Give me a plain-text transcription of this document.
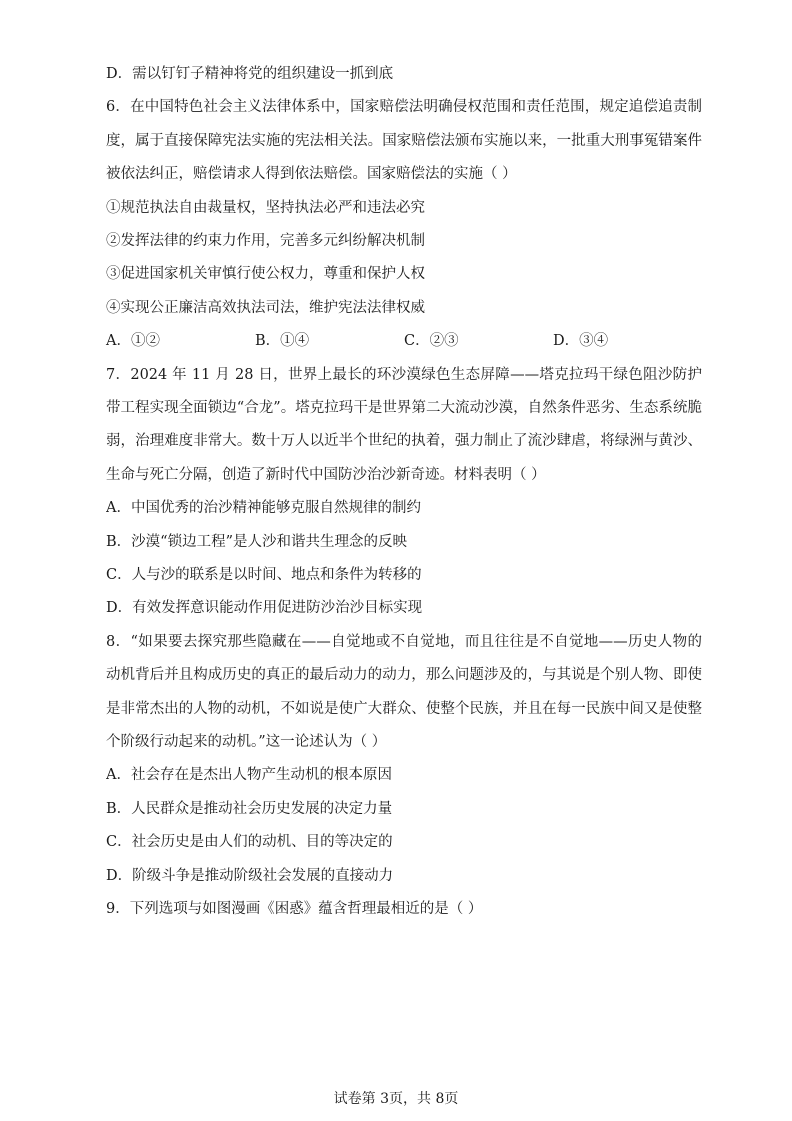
D．需以钉钉子精神将党的组织建设一抓到底
6．在中国特色社会主义法律体系中，国家赔偿法明确侵权范围和责任范围，规定追偿追责制度，属于直接保障宪法实施的宪法相关法。国家赔偿法颁布实施以来，一批重大刑事冤错案件被依法纠正，赔偿请求人得到依法赔偿。国家赔偿法的实施（ ）
①规范执法自由裁量权，坚持执法必严和违法必究
②发挥法律的约束力作用，完善多元纠纷解决机制
③促进国家机关审慎行使公权力，尊重和保护人权
④实现公正廉洁高效执法司法，维护宪法法律权威
A．①②	B．①④	C．②③	D．③④
7．2024 年 11 月 28 日，世界上最长的环沙漠绿色生态屏障——塔克拉玛干绿色阻沙防护带工程实现全面锁边“合龙”。塔克拉玛干是世界第二大流动沙漠，自然条件恶劣、生态系统脆弱，治理难度非常大。数十万人以近半个世纪的执着，强力制止了流沙肆虐，将绿洲与黄沙、生命与死亡分隔，创造了新时代中国防沙治沙新奇迹。材料表明（ ）
A．中国优秀的治沙精神能够克服自然规律的制约
B．沙漠“锁边工程”是人沙和谐共生理念的反映
C．人与沙的联系是以时间、地点和条件为转移的
D．有效发挥意识能动作用促进防沙治沙目标实现
8．“如果要去探究那些隐藏在——自觉地或不自觉地，而且往往是不自觉地——历史人物的动机背后并且构成历史的真正的最后动力的动力，那么问题涉及的，与其说是个别人物、即使是非常杰出的人物的动机，不如说是使广大群众、使整个民族，并且在每一民族中间又是使整个阶级行动起来的动机。”这一论述认为（ ）
A．社会存在是杰出人物产生动机的根本原因
B．人民群众是推动社会历史发展的决定力量
C．社会历史是由人们的动机、目的等决定的
D．阶级斗争是推动阶级社会发展的直接动力
9．下列选项与如图漫画《困惑》蕴含哲理最相近的是（ ）
试卷第 3页，共 8页
